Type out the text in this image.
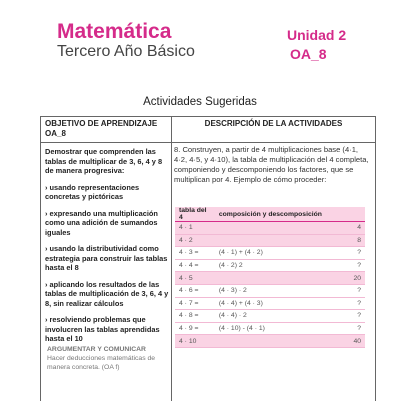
Matemática
Tercero Año Básico
Unidad 2
OA_8
Actividades Sugeridas
OBJETIVO DE APRENDIZAJE
OA_8
DESCRIPCIÓN DE LA ACTIVIDADES
Demostrar que comprenden las tablas de multiplicar de 3, 6, 4 y 8 de manera progresiva:
› usando representaciones concretas y pictóricas
› expresando una multiplicación como una adición de sumandos iguales
› usando la distributividad como estrategia para construir las tablas hasta el 8
› aplicando los resultados de las tablas de multiplicación de 3, 6, 4 y 8, sin realizar cálculos
› resolviendo problemas que involucren las tablas aprendidas hasta el 10
ARGUMENTAR Y COMUNICAR
Hacer deducciones matemáticas de manera concreta. (OA f)
8. Construyen, a partir de 4 multiplicaciones base (4·1, 4·2, 4·5, y 4·10), la tabla de multiplicación del 4 completa, componiendo y descomponiendo los factores, que se multiplican por 4. Ejemplo de cómo proceder:
tabla del 4	composición y descomposición	
4 · 1		4
4 · 2		8
4 · 3 =	(4 · 1) + (4 · 2)	?
4 · 4 =	(4 · 2) 2	?
4 · 5		20
4 · 6 =	(4 · 3) · 2	?
4 · 7 =	(4 · 4) + (4 · 3)	?
4 · 8 =	(4 · 4) · 2	?
4 · 9 =	(4 · 10) - (4 · 1)	?
4 · 10		40
